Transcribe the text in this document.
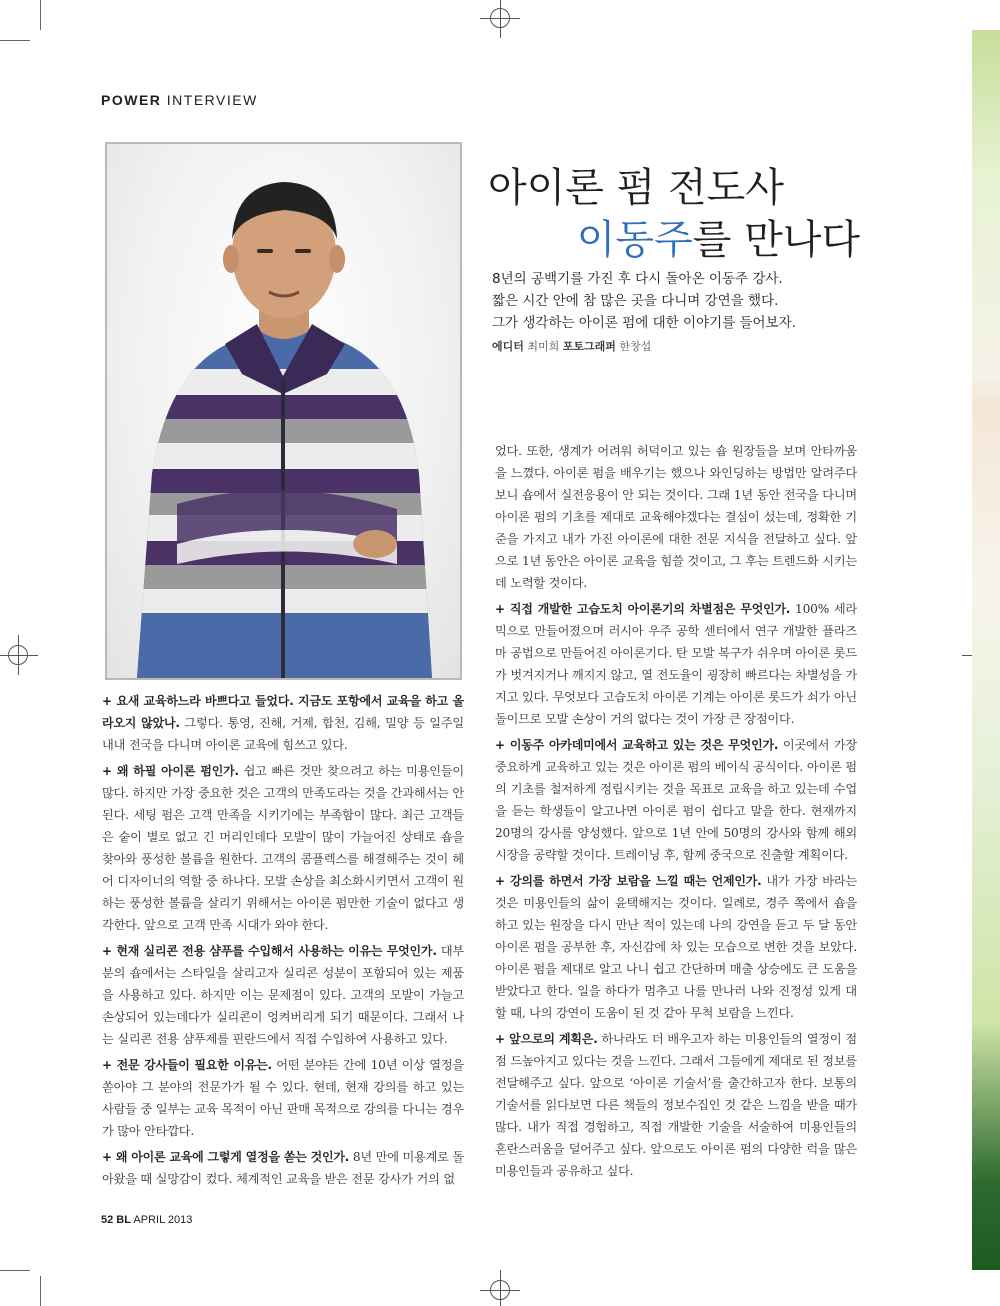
POWER INTERVIEW
아이론 펌 전도사
이동주를 만나다
8년의 공백기를 가진 후 다시 돌아온 이동주 강사.
짧은 시간 안에 참 많은 곳을 다니며 강연을 했다.
그가 생각하는 아이론 펌에 대한 이야기를 들어보자.
에디터 최미희 포토그래퍼 한창섭

+ 요새 교육하느라 바쁘다고 들었다. 지금도 포항에서 교육을 하고 올라오지 않았나. 그렇다. 통영, 진해, 거제, 합천, 김해, 밀양 등 일주일 내내 전국을 다니며 아이론 교육에 힘쓰고 있다.

+ 왜 하필 아이론 펌인가. 쉽고 빠른 것만 찾으려고 하는 미용인들이 많다. 하지만 가장 중요한 것은 고객의 만족도라는 것을 간과해서는 안 된다. 세팅 펌은 고객 만족을 시키기에는 부족함이 많다. 최근 고객들은 숱이 별로 없고 긴 머리인데다 모발이 많이 가늘어진 상태로 숍을 찾아와 풍성한 볼륨을 원한다. 고객의 콤플렉스를 해결해주는 것이 헤어 디자이너의 역할 중 하나다. 모발 손상을 최소화시키면서 고객이 원하는 풍성한 볼륨을 살리기 위해서는 아이론 펌만한 기술이 없다고 생각한다. 앞으로 고객 만족 시대가 와야 한다.

+ 현재 실리콘 전용 샴푸를 수입해서 사용하는 이유는 무엇인가. 대부분의 숍에서는 스타일을 살리고자 실리콘 성분이 포함되어 있는 제품을 사용하고 있다. 하지만 이는 문제점이 있다. 고객의 모발이 가늘고 손상되어 있는데다가 실리콘이 엉켜버리게 되기 때문이다. 그래서 나는 실리콘 전용 샴푸제를 핀란드에서 직접 수입하여 사용하고 있다.

+ 전문 강사들이 필요한 이유는. 어떤 분야든 간에 10년 이상 열정을 쏟아야 그 분야의 전문가가 될 수 있다. 현데, 현재 강의를 하고 있는 사람들 중 일부는 교육 목적이 아닌 판매 목적으로 강의를 다니는 경우가 많아 안타깝다.

+ 왜 아이론 교육에 그렇게 열정을 쏟는 것인가. 8년 만에 미용계로 돌아왔을 때 실망감이 컸다. 체계적인 교육을 받은 전문 강사가 거의 없

었다. 또한, 생계가 어려워 허덕이고 있는 숍 원장들을 보며 안타까움을 느꼈다. 아이론 펌을 배우기는 했으나 와인딩하는 방법만 알려주다 보니 숍에서 실전응용이 안 되는 것이다. 그래 1년 동안 전국을 다니며 아이론 펌의 기초를 제대로 교육해야겠다는 결심이 섰는데, 정확한 기준을 가지고 내가 가진 아이론에 대한 전문 지식을 전달하고 싶다. 앞으로 1년 동안은 아이론 교육을 힘쓸 것이고, 그 후는 트렌드화 시키는데 노력할 것이다.

+ 직접 개발한 고습도치 아이론기의 차별점은 무엇인가. 100% 세라믹으로 만들어졌으며 러시아 우주 공학 센터에서 연구 개발한 플라즈마 공법으로 만들어진 아이론기다. 탄 모발 복구가 쉬우며 아이론 롯드가 벗겨지거나 깨지지 않고, 열 전도율이 굉장히 빠르다는 차별성을 가지고 있다. 무엇보다 고습도치 아이론 기계는 아이론 롯드가 쇠가 아닌 돌이므로 모발 손상이 거의 없다는 것이 가장 큰 장점이다.

+ 이동주 아카데미에서 교육하고 있는 것은 무엇인가. 이곳에서 가장 중요하게 교육하고 있는 것은 아이론 펌의 베이식 공식이다. 아이론 펌의 기초를 철저하게 정립시키는 것을 목표로 교육을 하고 있는데 수업을 듣는 학생들이 알고나면 아이론 펌이 쉽다고 말을 한다. 현재까지 20명의 강사를 양성했다. 앞으로 1년 안에 50명의 강사와 함께 해외시장을 공략할 것이다. 트레이닝 후, 함께 중국으로 진출할 계획이다.

+ 강의를 하면서 가장 보람을 느낄 때는 언제인가. 내가 가장 바라는 것은 미용인들의 삶이 윤택해지는 것이다. 일례로, 경주 쪽에서 숍을 하고 있는 원장을 다시 만난 적이 있는데 나의 강연을 듣고 두 달 동안 아이론 펌을 공부한 후, 자신감에 차 있는 모습으로 변한 것을 보았다. 아이론 펌을 제대로 알고 나니 쉽고 간단하며 매출 상승에도 큰 도움을 받았다고 한다. 일을 하다가 멈추고 나를 만나러 나와 진정성 있게 대할 때, 나의 강연이 도움이 된 것 같아 무척 보람을 느낀다.

+ 앞으로의 계획은. 하나라도 더 배우고자 하는 미용인들의 열정이 점점 드높아지고 있다는 것을 느낀다. 그래서 그들에게 제대로 된 정보를 전달해주고 싶다. 앞으로 ‘아이론 기술서’를 출간하고자 한다. 보통의 기술서를 읽다보면 다른 책들의 정보수집인 것 같은 느낌을 받을 때가 많다. 내가 직접 경험하고, 직접 개발한 기술을 서술하여 미용인들의 혼란스러움을 덜어주고 싶다. 앞으로도 아이론 펌의 다양한 럭을 많은 미용인들과 공유하고 싶다.

52 BL APRIL 2013
